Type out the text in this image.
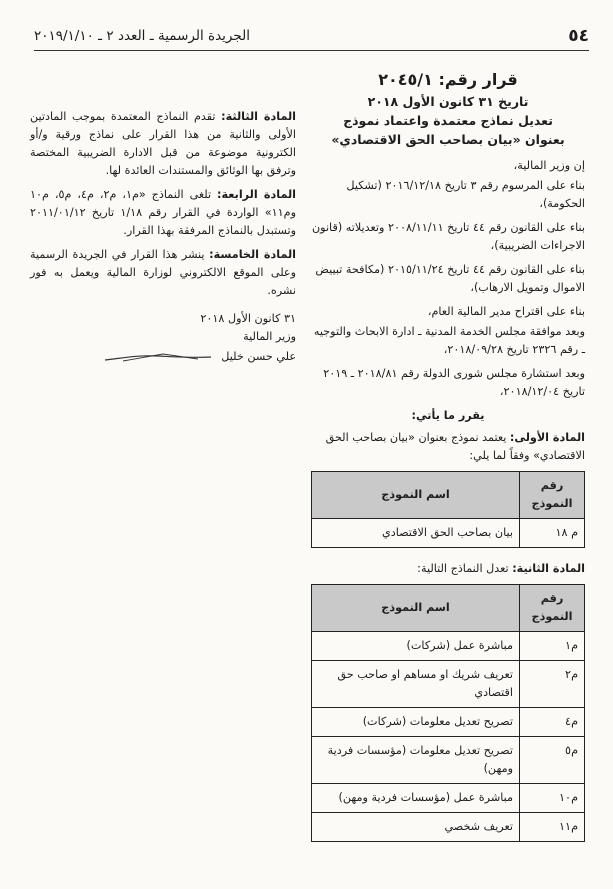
٥٤
الجريدة الرسمية ـ العدد ٢ ـ ٢٠١٩/١/١٠
قرار رقم: ٢٠٤٥/١
تاريخ ٣١ كانون الأول ٢٠١٨
تعديل نماذج معتمدة واعتماد نموذج
بعنوان «بيان بصاحب الحق الاقتصادي»

إن وزير المالية،

بناء على المرسوم رقم ٣ تاريخ ٢٠١٦/١٢/١٨ (تشكيل الحكومة)،

بناء على القانون رقم ٤٤ تاريخ ٢٠٠٨/١١/١١ وتعديلاته (قانون الاجراءات الضريبية)،

بناء على القانون رقم ٤٤ تاريخ ٢٠١٥/١١/٢٤ (مكافحة تبييض الاموال وتمويل الارهاب)،

بناء على اقتراح مدير المالية العام،

وبعد موافقة مجلس الخدمة المدنية ـ ادارة الابحاث والتوجيه ـ رقم ٢٣٢٦ تاريخ ٢٠١٨/٠٩/٢٨،

وبعد استشارة مجلس شورى الدولة رقم ٢٠١٨/٨١ ـ ٢٠١٩ تاريخ ٢٠١٨/١٢/٠٤،

يقرر ما يأتي:

المادة الأولى: يعتمد نموذج بعنوان «بيان بصاحب الحق الاقتصادي» وفقاً لما يلي:

رقم النموذج	اسم النموذج
م ١٨	بيان بصاحب الحق الاقتصادي

المادة الثانية: تعدل النماذج التالية:

رقم النموذج	اسم النموذج
م١	مباشرة عمل (شركات)
م٢	تعريف شريك او مساهم او صاحب حق اقتصادي
م٤	تصريح تعديل معلومات (شركات)
م٥	تصريح تعديل معلومات (مؤسسات فردية ومهن)
م١٠	مباشرة عمل (مؤسسات فردية ومهن)
م١١	تعريف شخصي

المادة الثالثة: تقدم النماذج المعتمدة بموجب المادتين الأولى والثانية من هذا القرار على نماذج ورقية و/أو الكترونية موضوعة من قبل الادارة الضريبية المختصة وترفق بها الوثائق والمستندات العائدة لها.

المادة الرابعة: تلغى النماذج «م١، م٢، م٤، م٥، م١٠ وم١١» الواردة في القرار رقم ١/١٨ تاريخ ٢٠١١/٠١/١٢ وتستبدل بالنماذج المرفقة بهذا القرار.

المادة الخامسة: ينشر هذا القرار في الجريدة الرسمية وعلى الموقع الالكتروني لوزارة المالية ويعمل به فور نشره.

٣١ كانون الأول ٢٠١٨
وزير المالية
علي حسن خليل
